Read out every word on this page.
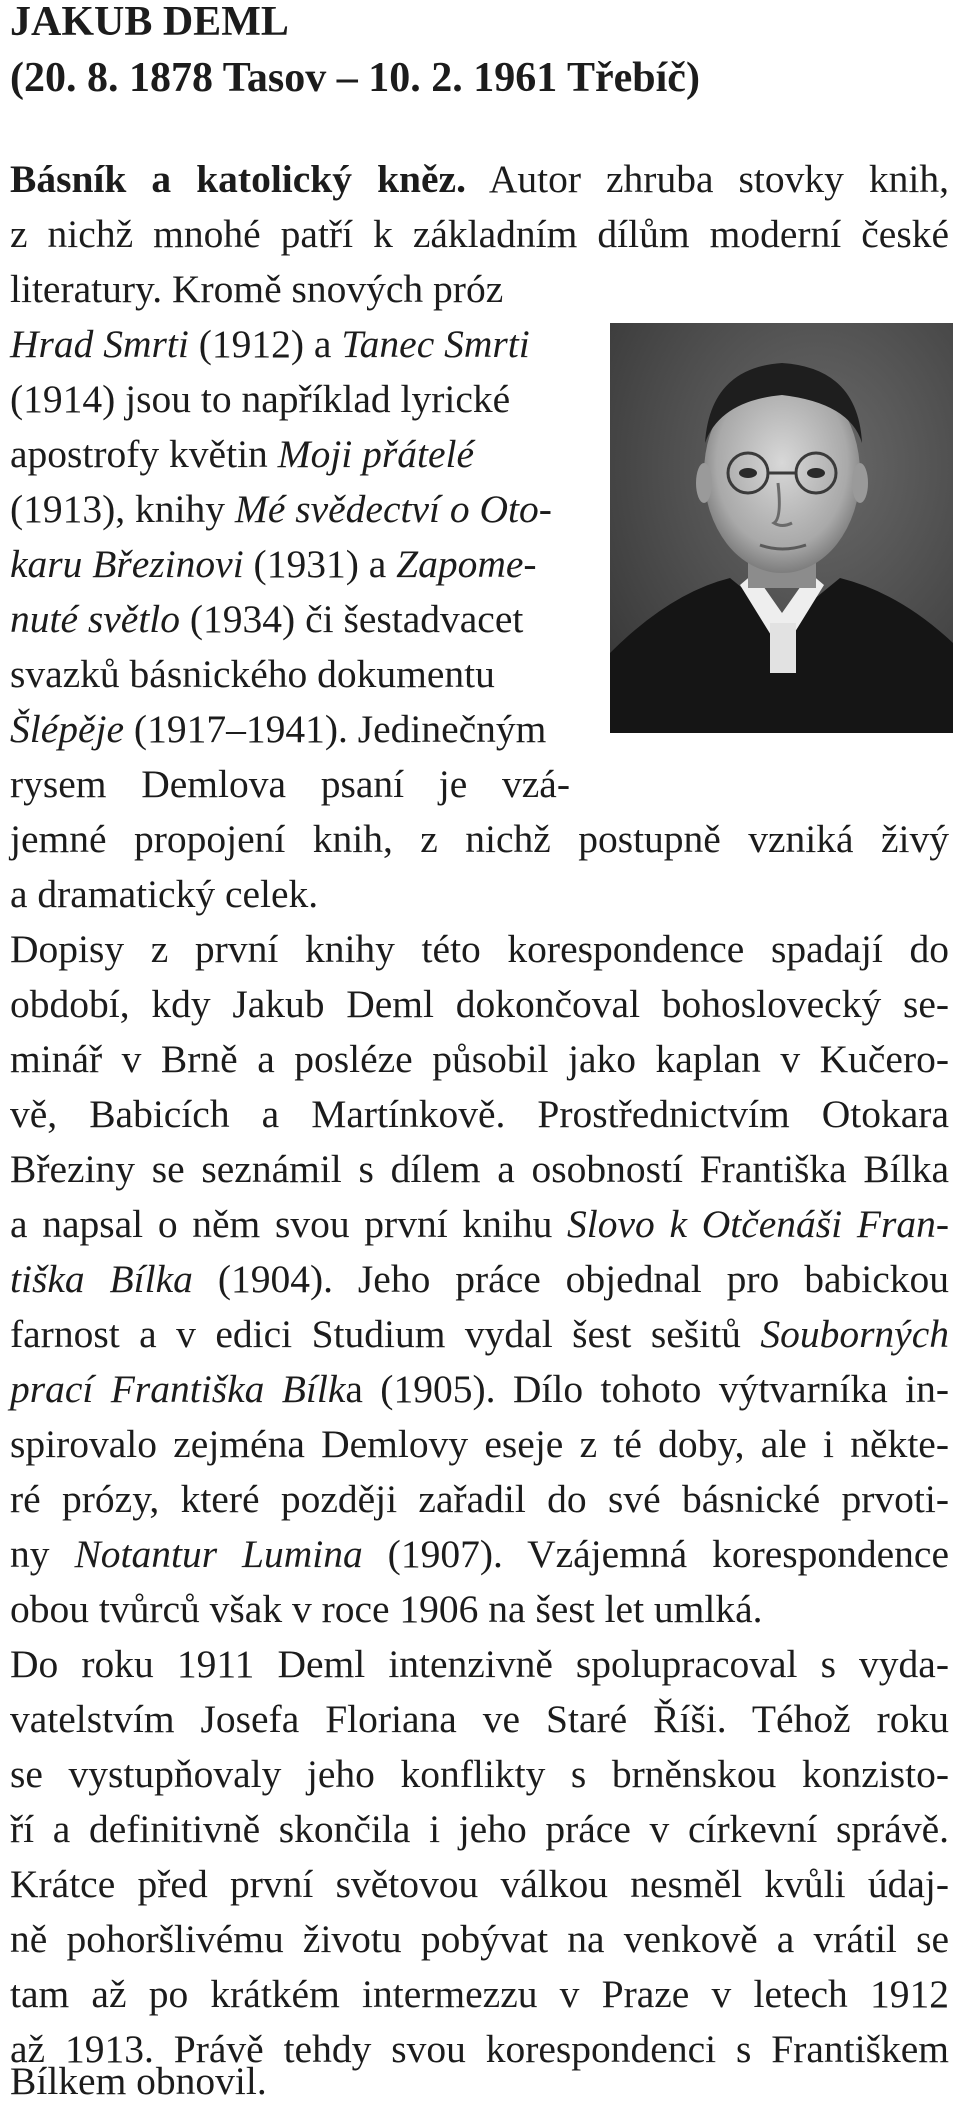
JAKUB DEML
(20. 8. 1878 Tasov – 10. 2. 1961 Třebíč)
Básník a katolický kněz. Autor zhruba stovky knih,
z nichž mnohé patří k základním dílům moderní české
literatury. Kromě snových próz
Hrad Smrti (1912) a Tanec Smrti
(1914) jsou to například lyrické
apostrofy květin Moji přátelé
(1913), knihy Mé svědectví o Oto-
karu Březinovi (1931) a Zapome-
nuté světlo (1934) či šestadvacet
svazků básnického dokumentu
Šlépěje (1917–1941). Jedinečným
rysem Demlova psaní je vzá-
jemné propojení knih, z nichž postupně vzniká živý
a dramatický celek.
Dopisy z první knihy této korespondence spadají do
období, kdy Jakub Deml dokončoval bohoslovecký se-
minář v Brně a posléze působil jako kaplan v Kučero-
vě, Babicích a Martínkově. Prostřednictvím Otokara
Březiny se seznámil s dílem a osobností Františka Bílka
a napsal o něm svou první knihu Slovo k Otčenáši Fran-
tiška Bílka (1904). Jeho práce objednal pro babickou
farnost a v edici Studium vydal šest sešitů Souborných
prací Františka Bílka (1905). Dílo tohoto výtvarníka in-
spirovalo zejména Demlovy eseje z té doby, ale i někte-
ré prózy, které později zařadil do své básnické prvoti-
ny Notantur Lumina (1907). Vzájemná korespondence
obou tvůrců však v roce 1906 na šest let umlká.
Do roku 1911 Deml intenzivně spolupracoval s vyda-
vatelstvím Josefa Floriana ve Staré Říši. Téhož roku
se vystupňovaly jeho konflikty s brněnskou konzisto-
ří a definitivně skončila i jeho práce v církevní správě.
Krátce před první světovou válkou nesměl kvůli údaj-
ně pohoršlivému životu pobývat na venkově a vrátil se
tam až po krátkém intermezzu v Praze v letech 1912
až 1913. Právě tehdy svou korespondenci s Františkem
Bílkem obnovil.
